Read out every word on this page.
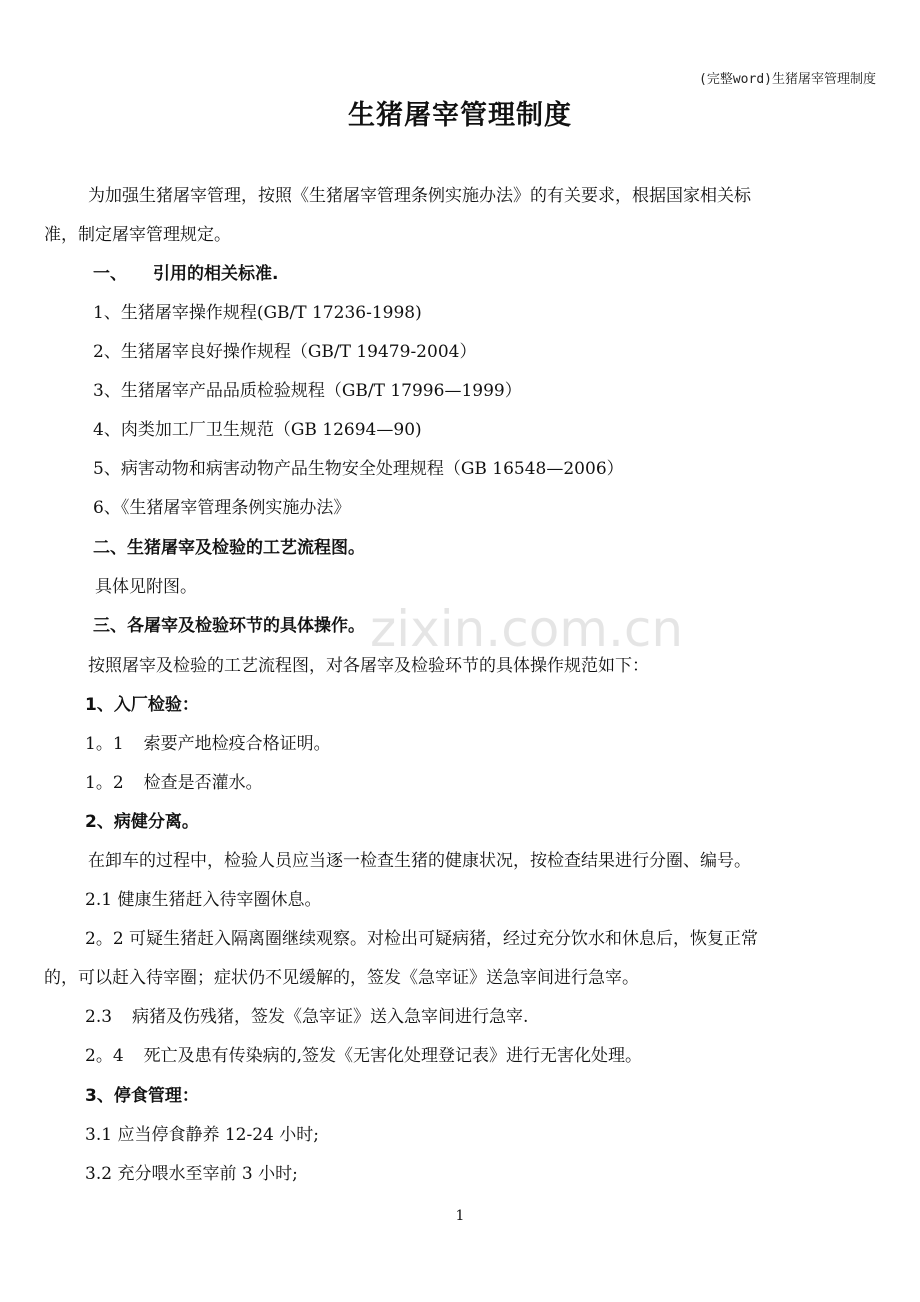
(完整word)生猪屠宰管理制度
生猪屠宰管理制度
为加强生猪屠宰管理，按照《生猪屠宰管理条例实施办法》的有关要求，根据国家相关标
准，制定屠宰管理规定。
一、 引用的相关标准.
1、生猪屠宰操作规程(GB/T 17236-1998)
2、生猪屠宰良好操作规程（GB/T 19479-2004）
3、生猪屠宰产品品质检验规程（GB/T 17996—1999）
4、肉类加工厂卫生规范（GB 12694—90)
5、病害动物和病害动物产品生物安全处理规程（GB 16548—2006）
6、《生猪屠宰管理条例实施办法》
二、生猪屠宰及检验的工艺流程图。
具体见附图。
三、各屠宰及检验环节的具体操作。
按照屠宰及检验的工艺流程图，对各屠宰及检验环节的具体操作规范如下：
1、入厂检验：
1。1 索要产地检疫合格证明。
1。2 检查是否灌水。
2、病健分离。
在卸车的过程中，检验人员应当逐一检查生猪的健康状况，按检查结果进行分圈、编号。
2.1 健康生猪赶入待宰圈休息。
2。2 可疑生猪赶入隔离圈继续观察。对检出可疑病猪，经过充分饮水和休息后，恢复正常
的，可以赶入待宰圈；症状仍不见缓解的，签发《急宰证》送急宰间进行急宰。
2.3 病猪及伤残猪，签发《急宰证》送入急宰间进行急宰.
2。4 死亡及患有传染病的,签发《无害化处理登记表》进行无害化处理。
3、停食管理：
3.1 应当停食静养 12-24 小时;
3.2 充分喂水至宰前 3 小时;
zixin.com.cn
1
